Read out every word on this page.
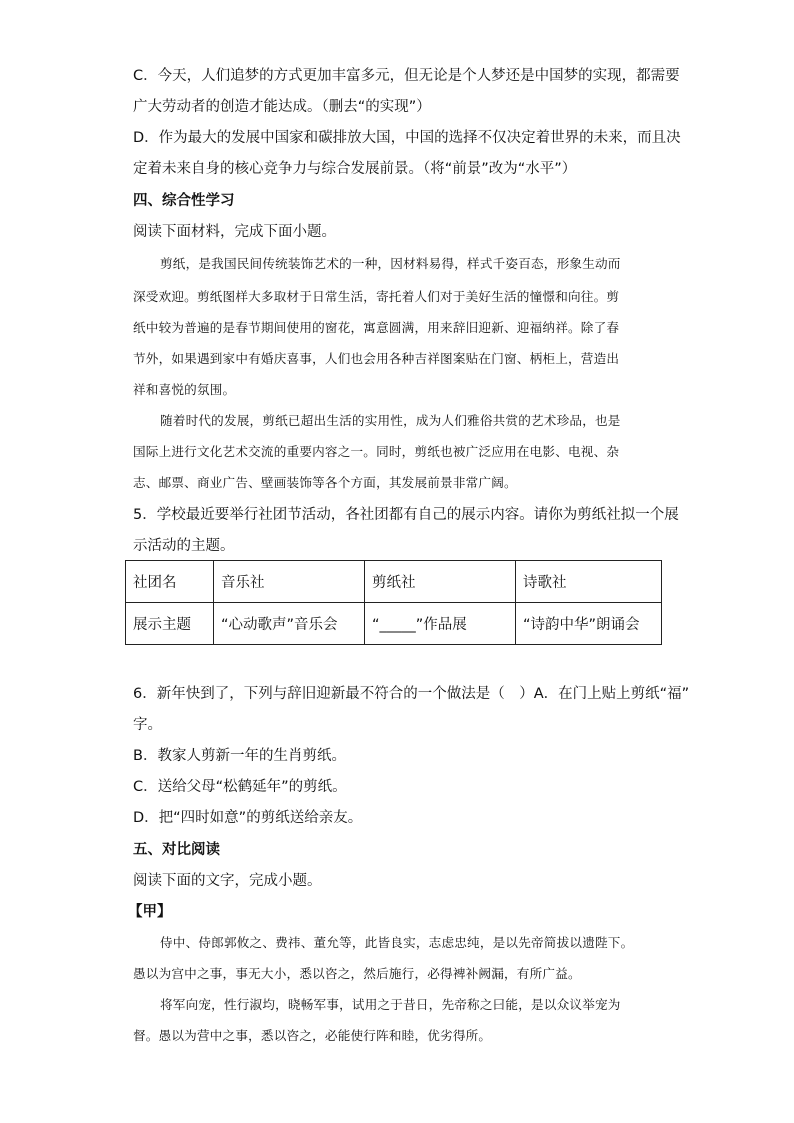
C．今天，人们追梦的方式更加丰富多元，但无论是个人梦还是中国梦的实现，都需要
广大劳动者的创造才能达成。（删去“的实现”）
D．作为最大的发展中国家和碳排放大国，中国的选择不仅决定着世界的未来，而且决
定着未来自身的核心竞争力与综合发展前景。（将“前景”改为“水平”）
四、综合性学习
阅读下面材料，完成下面小题。
剪纸，是我国民间传统装饰艺术的一种，因材料易得，样式千姿百态，形象生动而
深受欢迎。剪纸图样大多取材于日常生活，寄托着人们对于美好生活的憧憬和向往。剪
纸中较为普遍的是春节期间使用的窗花，寓意圆满，用来辞旧迎新、迎福纳祥。除了春
节外，如果遇到家中有婚庆喜事，人们也会用各种吉祥图案贴在门窗、柄柜上，营造出
祥和喜悦的氛围。
随着时代的发展，剪纸已超出生活的实用性，成为人们雅俗共赏的艺术珍品，也是
国际上进行文化艺术交流的重要内容之一。同时，剪纸也被广泛应用在电影、电视、杂
志、邮票、商业广告、壁画装饰等各个方面，其发展前景非常广阔。
5．学校最近要举行社团节活动，各社团都有自己的展示内容。请你为剪纸社拟一个展
示活动的主题。
社团名	音乐社	剪纸社	诗歌社
展示主题	“心动歌声”音乐会	“_____”作品展	“诗韵中华”朗诵会
6．新年快到了，下列与辞旧迎新最不符合的一个做法是（　）A．在门上贴上剪纸“福”
字。
B．教家人剪新一年的生肖剪纸。
C．送给父母“松鹤延年”的剪纸。
D．把“四时如意”的剪纸送给亲友。
五、对比阅读
阅读下面的文字，完成小题。
【甲】
侍中、侍郎郭攸之、费祎、董允等，此皆良实，志虑忠纯，是以先帝简拔以遗陛下。
愚以为宫中之事，事无大小，悉以咨之，然后施行，必得裨补阙漏，有所广益。
将军向宠，性行淑均，晓畅军事，试用之于昔日，先帝称之曰能，是以众议举宠为
督。愚以为营中之事，悉以咨之，必能使行阵和睦，优劣得所。
